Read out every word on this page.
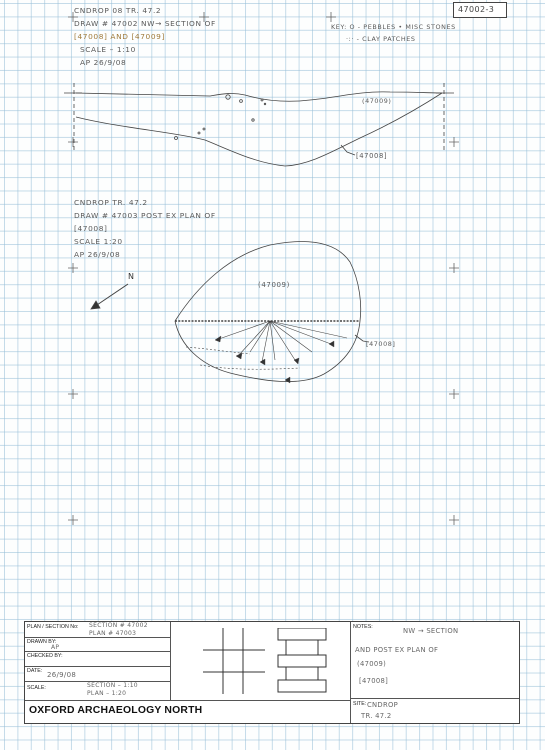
47002-3
CNDROP 08 TR. 47.2
DRAW # 47002 NW→ SECTION OF
[47008] AND [47009]
SCALE – 1:10
AP 26/9/08
KEY: O - PEBBLES • MISC STONES
·:· - CLAY PATCHES
(47009)
[47008]
CNDROP TR. 47.2
DRAW # 47003 POST EX PLAN OF
[47008]
SCALE 1:20
AP 26/9/08
(47009)
[47008]
N
PLAN / SECTION No: SECTION # 47002
PLAN # 47003
DRAWN BY:
AP
CHECKED BY:
DATE: 26/9/08
SCALE:	SECTION – 1:10
PLAN – 1:20
OXFORD ARCHAEOLOGY NORTH
NOTES:	NW → SECTION
AND POST EX PLAN OF
(47009)
[47008]
SITE: CNDROP
TR. 47.2
